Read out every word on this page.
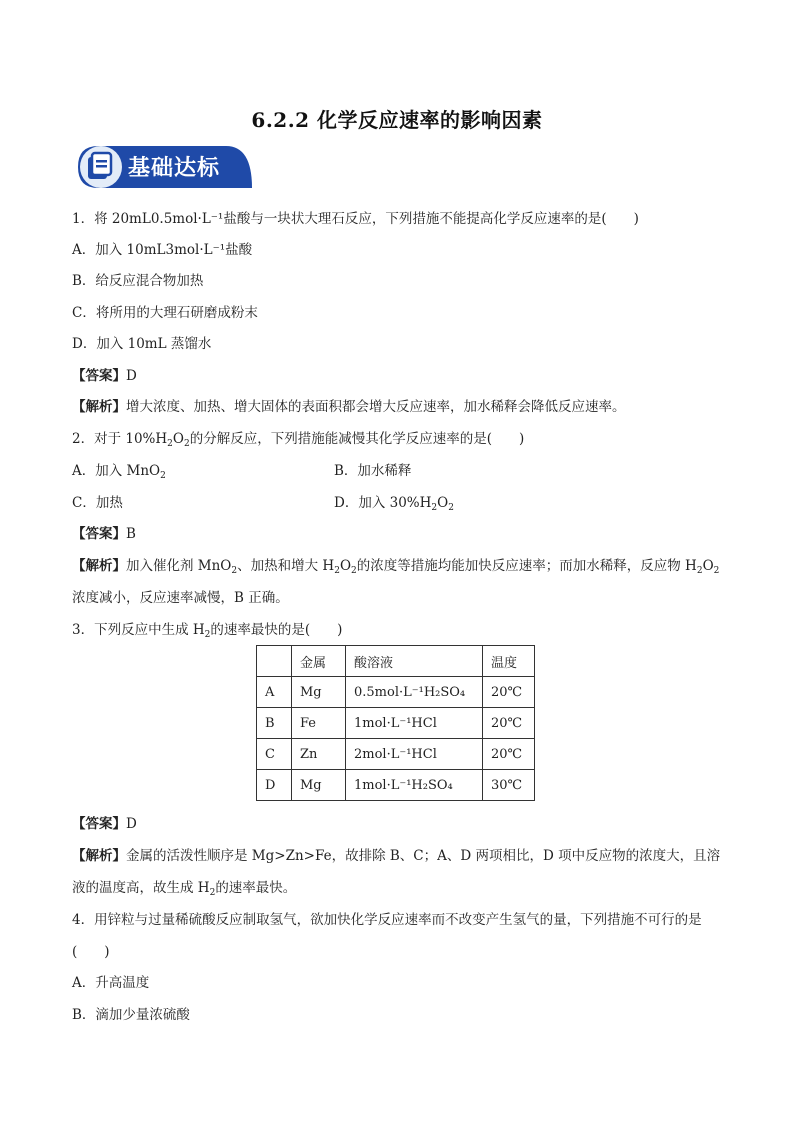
6.2.2 化学反应速率的影响因素
基础达标
1．将 20mL0.5mol·L⁻¹盐酸与一块状大理石反应，下列措施不能提高化学反应速率的是(　　)
A．加入 10mL3mol·L⁻¹盐酸
B．给反应混合物加热
C．将所用的大理石研磨成粉末
D．加入 10mL 蒸馏水
【答案】D
【解析】增大浓度、加热、增大固体的表面积都会增大反应速率，加水稀释会降低反应速率。
2．对于 $10\%H_2O_2$的分解反应，下列措施能减慢其化学反应速率的是(　　)
A．加入 MnO$_2$	B．加水稀释
C．加热	D．加入 $30\%H_2O_2$
【答案】B
【解析】加入催化剂 MnO$_2$、加热和增大 $H_2O_2$的浓度等措施均能加快反应速率；而加水稀释，反应物 $H_2O_2$
浓度减小，反应速率减慢，B 正确。
3．下列反应中生成 $H_2$的速率最快的是(　　)
	金属	酸溶液	温度
A	Mg	0.5mol·L⁻¹H₂SO₄	20℃
B	Fe	1mol·L⁻¹HCl	20℃
C	Zn	2mol·L⁻¹HCl	20℃
D	Mg	1mol·L⁻¹H₂SO₄	30℃
【答案】D
【解析】金属的活泼性顺序是 Mg>Zn>Fe，故排除 B、C；A、D 两项相比，D 项中反应物的浓度大，且溶
液的温度高，故生成 $H_2$的速率最快。
4．用锌粒与过量稀硫酸反应制取氢气，欲加快化学反应速率而不改变产生氢气的量，下列措施不可行的是
(　　)
A．升高温度
B．滴加少量浓硫酸
